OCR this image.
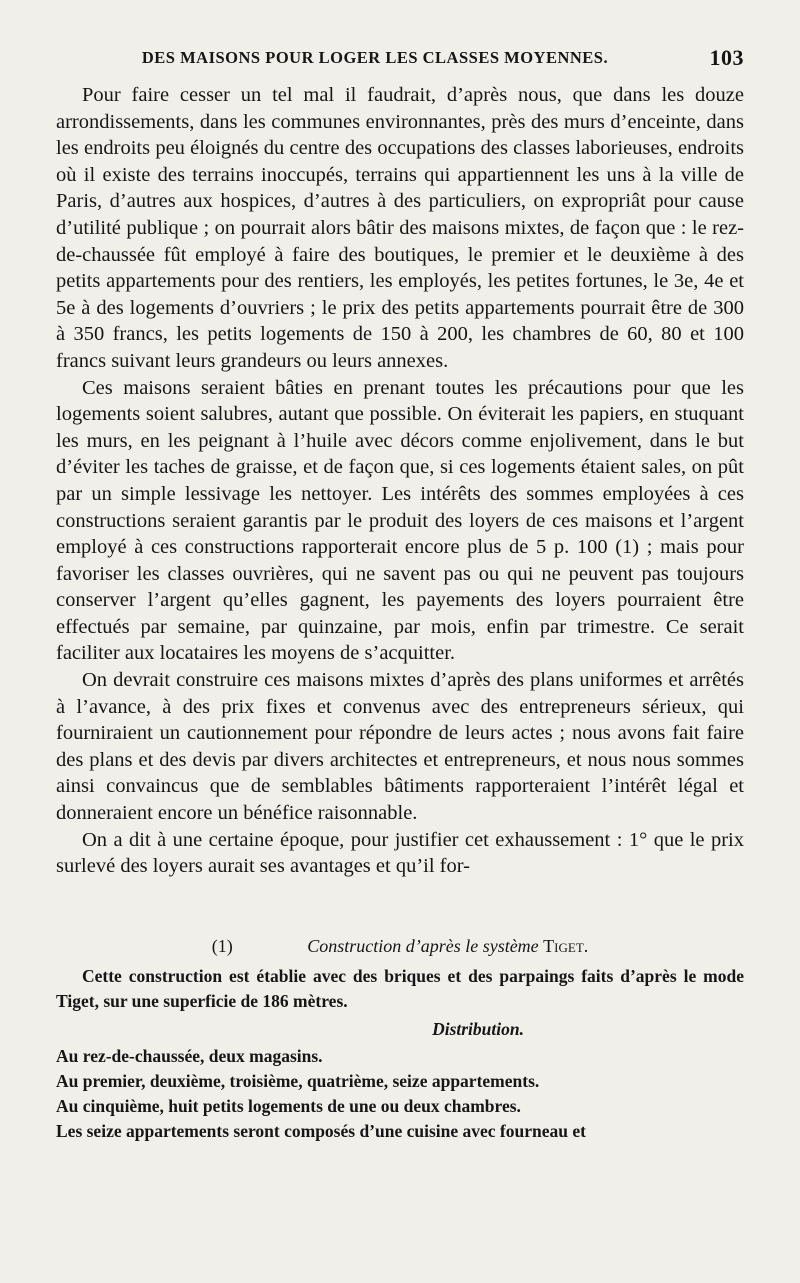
DES MAISONS POUR LOGER LES CLASSES MOYENNES.	103

Pour faire cesser un tel mal il faudrait, d’après nous, que dans les douze arrondissements, dans les communes environnantes, près des murs d’enceinte, dans les endroits peu éloignés du centre des occupations des classes laborieuses, endroits où il existe des terrains inoccupés, terrains qui appartiennent les uns à la ville de Paris, d’autres aux hospices, d’autres à des particuliers, on expropriât pour cause d’utilité publique ; on pourrait alors bâtir des maisons mixtes, de façon que : le rez-de-chaussée fût employé à faire des boutiques, le premier et le deuxième à des petits appartements pour des rentiers, les employés, les petites fortunes, le 3e, 4e et 5e à des logements d’ouvriers ; le prix des petits appartements pourrait être de 300 à 350 francs, les petits logements de 150 à 200, les chambres de 60, 80 et 100 francs suivant leurs grandeurs ou leurs annexes.

Ces maisons seraient bâties en prenant toutes les précautions pour que les logements soient salubres, autant que possible. On éviterait les papiers, en stuquant les murs, en les peignant à l’huile avec décors comme enjolivement, dans le but d’éviter les taches de graisse, et de façon que, si ces logements étaient sales, on pût par un simple lessivage les nettoyer. Les intérêts des sommes employées à ces constructions seraient garantis par le produit des loyers de ces maisons et l’argent employé à ces constructions rapporterait encore plus de 5 p. 100 (1) ; mais pour favoriser les classes ouvrières, qui ne savent pas ou qui ne peuvent pas toujours conserver l’argent qu’elles gagnent, les payements des loyers pourraient être effectués par semaine, par quinzaine, par mois, enfin par trimestre. Ce serait faciliter aux locataires les moyens de s’acquitter.

On devrait construire ces maisons mixtes d’après des plans uniformes et arrêtés à l’avance, à des prix fixes et convenus avec des entrepreneurs sérieux, qui fourniraient un cautionnement pour répondre de leurs actes ; nous avons fait faire des plans et des devis par divers architectes et entrepreneurs, et nous nous sommes ainsi convaincus que de semblables bâtiments rapporteraient l’intérêt légal et donneraient encore un bénéfice raisonnable.

On a dit à une certaine époque, pour justifier cet exhaussement : 1° que le prix surlevé des loyers aurait ses avantages et qu’il for-

(1)	Construction d’après le système Tiget.

Cette construction est établie avec des briques et des parpaings faits d’après le mode Tiget, sur une superficie de 186 mètres.

Distribution.

Au rez-de-chaussée, deux magasins.

Au premier, deuxième, troisième, quatrième, seize appartements.

Au cinquième, huit petits logements de une ou deux chambres.

Les seize appartements seront composés d’une cuisine avec fourneau et
